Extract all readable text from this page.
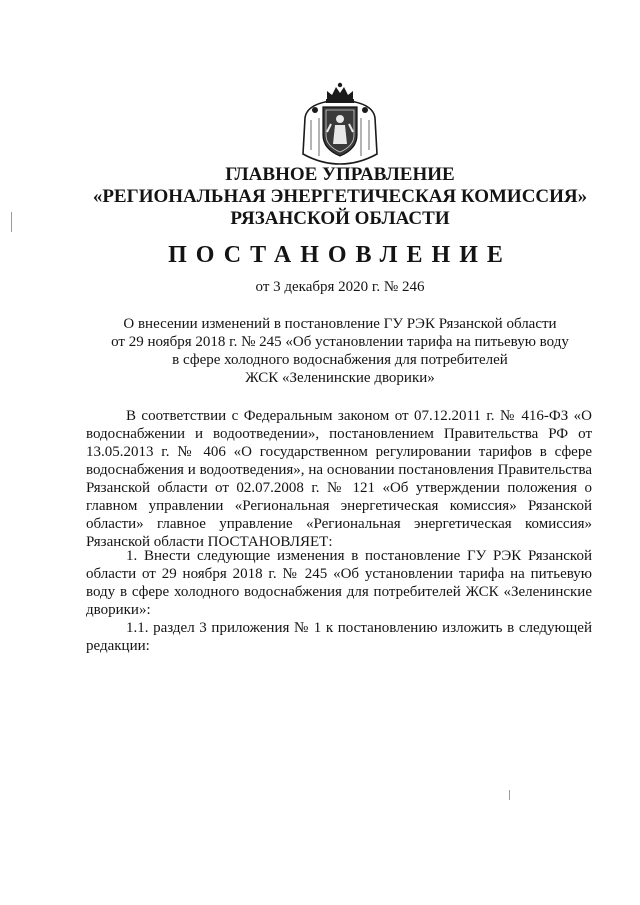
ГЛАВНОЕ УПРАВЛЕНИЕ

«РЕГИОНАЛЬНАЯ ЭНЕРГЕТИЧЕСКАЯ КОМИССИЯ»

РЯЗАНСКОЙ ОБЛАСТИ

ПОСТАНОВЛЕНИЕ

от 3 декабря 2020 г. № 246

О внесении изменений в постановление ГУ РЭК Рязанской области
от 29 ноября 2018 г. № 245 «Об установлении тарифа на питьевую воду
в сфере холодного водоснабжения для потребителей
ЖСК «Зеленинские дворики»

В соответствии с Федеральным законом от 07.12.2011 г. № 416-ФЗ «О водоснабжении и водоотведении», постановлением Правительства РФ от 13.05.2013 г. № 406 «О государственном регулировании тарифов в сфере водоснабжения и водоотведения», на основании постановления Правительства Рязанской области от 02.07.2008 г. № 121 «Об утверждении положения о главном управлении «Региональная энергетическая комиссия» Рязанской области» главное управление «Региональная энергетическая комиссия» Рязанской области ПОСТАНОВЛЯЕТ:

1. Внести следующие изменения в постановление ГУ РЭК Рязанской области от 29 ноября 2018 г. № 245 «Об установлении тарифа на питьевую воду в сфере холодного водоснабжения для потребителей ЖСК «Зеленинские дворики»:

1.1. раздел 3 приложения № 1 к постановлению изложить в следующей редакции:
